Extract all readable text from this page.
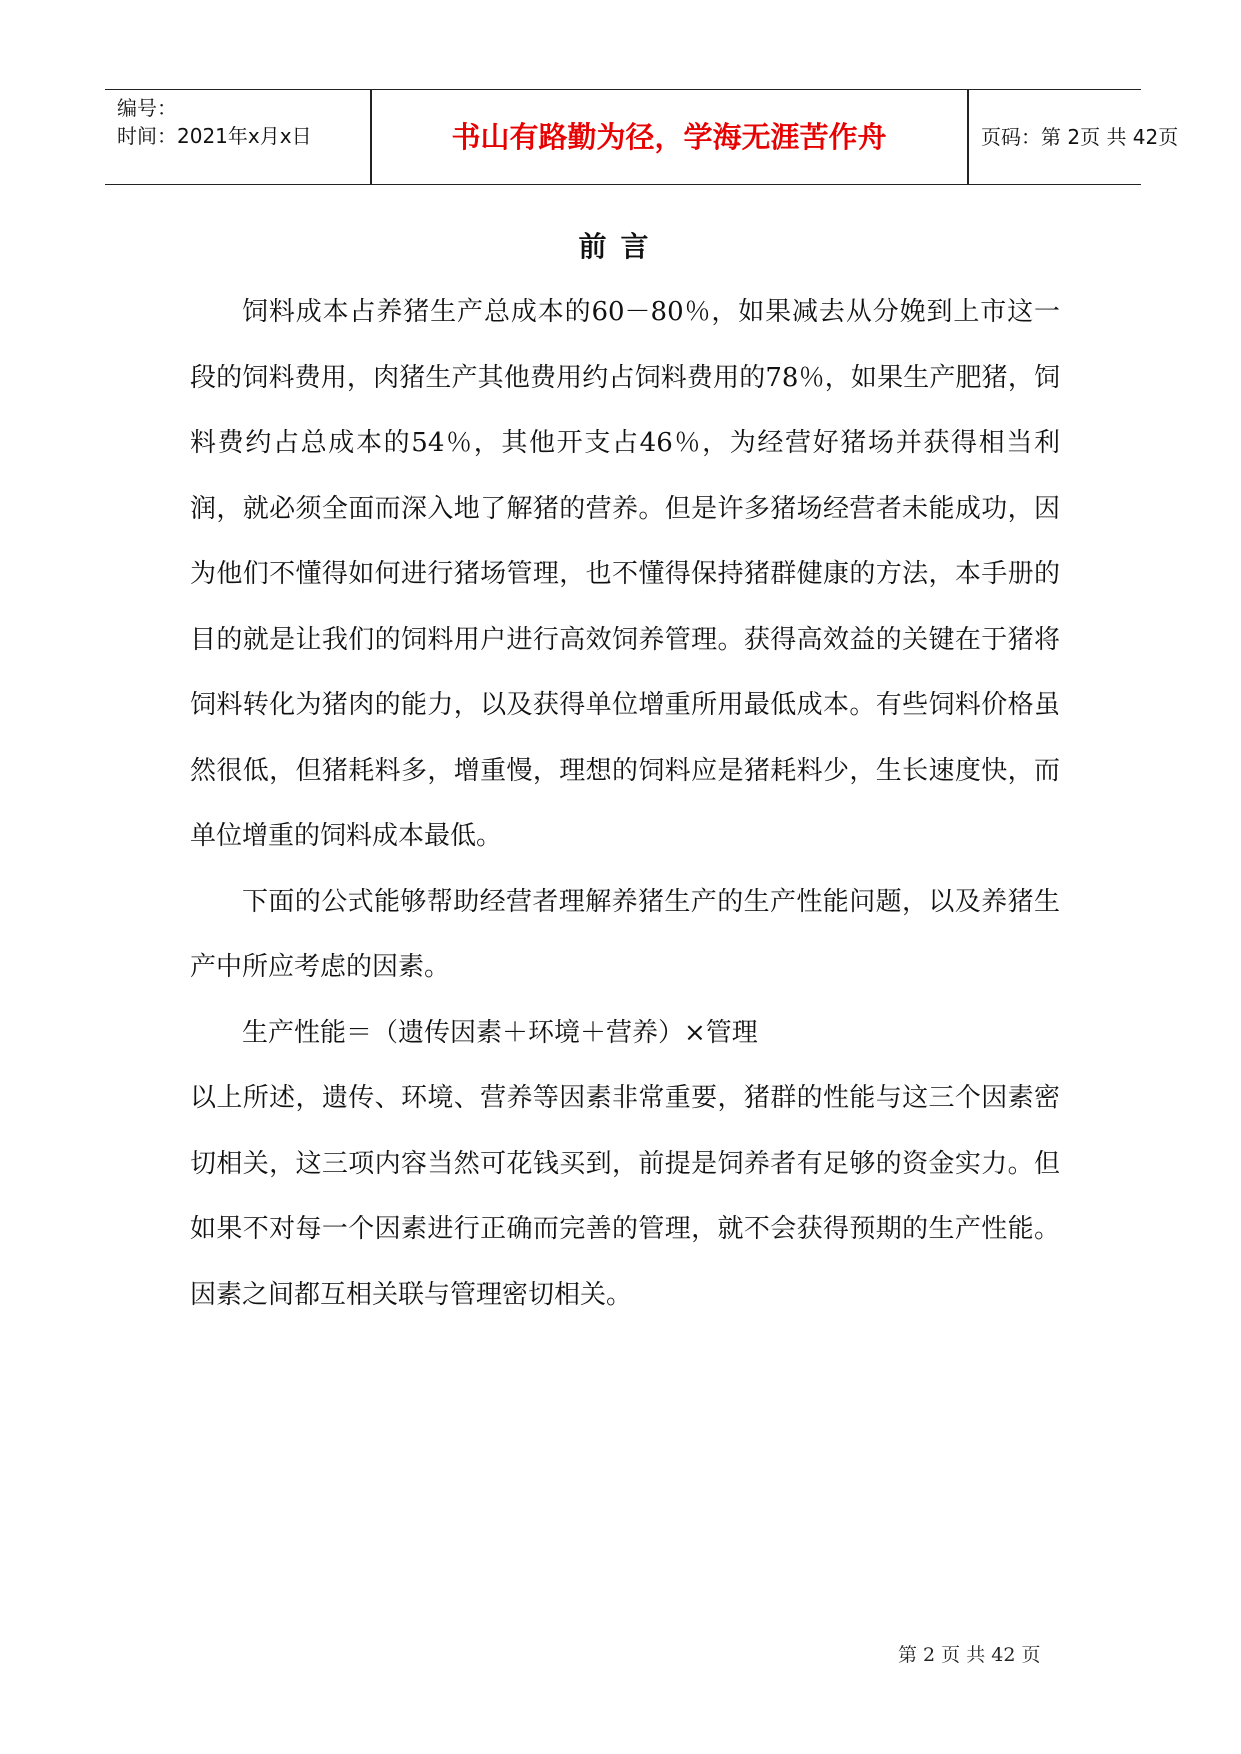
编号：
时间：2021年x月x日	书山有路勤为径，学海无涯苦作舟	页码：第 2页 共 42页
前言

饲料成本占养猪生产总成本的60－80％，如果减去从分娩到上市这一段的饲料费用，肉猪生产其他费用约占饲料费用的78％，如果生产肥猪，饲料费约占总成本的54％，其他开支占46％，为经营好猪场并获得相当利润，就必须全面而深入地了解猪的营养。但是许多猪场经营者未能成功，因为他们不懂得如何进行猪场管理，也不懂得保持猪群健康的方法，本手册的目的就是让我们的饲料用户进行高效饲养管理。获得高效益的关键在于猪将饲料转化为猪肉的能力，以及获得单位增重所用最低成本。有些饲料价格虽然很低，但猪耗料多，增重慢，理想的饲料应是猪耗料少，生长速度快，而单位增重的饲料成本最低。

下面的公式能够帮助经营者理解养猪生产的生产性能问题，以及养猪生产中所应考虑的因素。

生产性能＝（遗传因素＋环境＋营养）×管理

以上所述，遗传、环境、营养等因素非常重要，猪群的性能与这三个因素密切相关，这三项内容当然可花钱买到，前提是饲养者有足够的资金实力。但如果不对每一个因素进行正确而完善的管理，就不会获得预期的生产性能。因素之间都互相关联与管理密切相关。

第 2 页 共 42 页
